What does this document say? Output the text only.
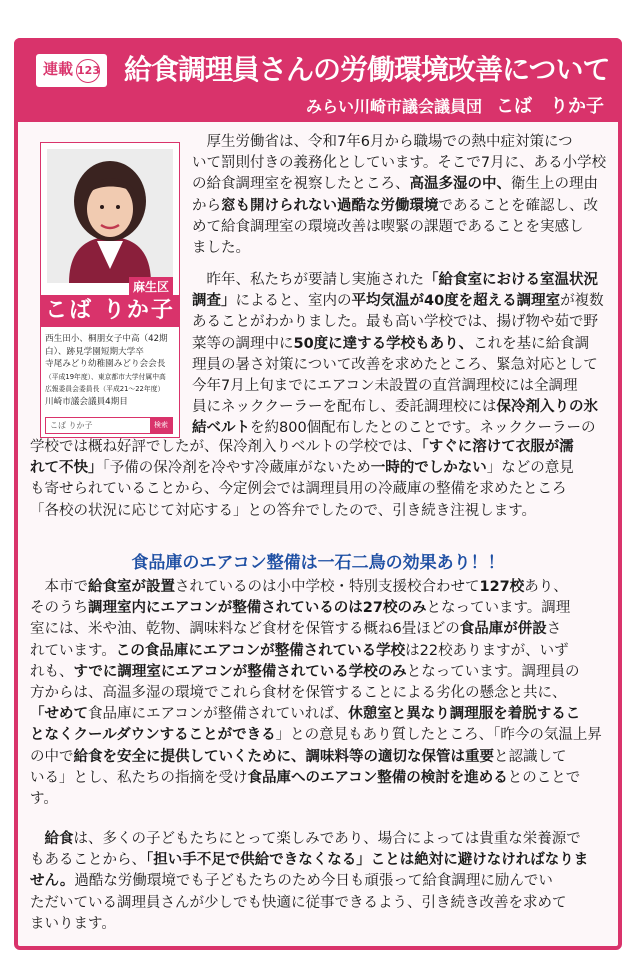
連載 123 給食調理員さんの労働環境改善について
みらい川崎市議会議員団 こば　りか子
麻生区
こば りか子
西生田小、桐朋女子中高（42期
白）、跡見学園短期大学卒
寺尾みどり幼稚園みどり会会長
（平成19年度）、東京都市大学付属中高
広報委員会委員長（平成21〜22年度）
川崎市議会議員4期目
こば りか子	検索
　厚生労働省は、令和7年6月から職場での熱中症対策につ
いて罰則付きの義務化としています。そこで7月に、ある小学校
の給食調理室を視察したところ、高温多湿の中、衛生上の理由
から窓も開けられない過酷な労働環境であることを確認し、改
めて給食調理室の環境改善は喫緊の課題であることを実感し
ました。
　昨年、私たちが要請し実施された「給食室における室温状況
調査」によると、室内の平均気温が40度を超える調理室が複数
あることがわかりました。最も高い学校では、揚げ物や茹で野
菜等の調理中に50度に達する学校もあり、これを基に給食調
理員の暑さ対策について改善を求めたところ、緊急対応として
今年7月上旬までにエアコン未設置の直営調理校には全調理
員にネッククーラーを配布し、委託調理校には保冷剤入りの氷
結ベルトを約800個配布したとのことです。ネッククーラーの
学校では概ね好評でしたが、保冷剤入りベルトの学校では、「すぐに溶けて衣服が濡
れて不快」「予備の保冷剤を冷やす冷蔵庫がないため一時的でしかない」などの意見
も寄せられていることから、今定例会では調理員用の冷蔵庫の整備を求めたところ
「各校の状況に応じて対応する」との答弁でしたので、引き続き注視します。
食品庫のエアコン整備は一石二鳥の効果あり！！
　本市で給食室が設置されているのは小中学校・特別支援校合わせて127校あり、
そのうち調理室内にエアコンが整備されているのは27校のみとなっています。調理
室には、米や油、乾物、調味料など食材を保管する概ね6畳ほどの食品庫が併設さ
れています。この食品庫にエアコンが整備されている学校は22校ありますが、いず
れも、すでに調理室にエアコンが整備されている学校のみとなっています。調理員の
方からは、高温多湿の環境でこれら食材を保管することによる劣化の懸念と共に、
「せめて食品庫にエアコンが整備されていれば、休憩室と異なり調理服を着脱するこ
となくクールダウンすることができる」との意見もあり質したところ、「昨今の気温上昇
の中で給食を安全に提供していくために、調味料等の適切な保管は重要と認識して
いる」とし、私たちの指摘を受け食品庫へのエアコン整備の検討を進めるとのことで
す。
　給食は、多くの子どもたちにとって楽しみであり、場合によっては貴重な栄養源で
もあることから、「担い手不足で供給できなくなる」ことは絶対に避けなければなりま
せん。過酷な労働環境でも子どもたちのため今日も頑張って給食調理に励んでい
ただいている調理員さんが少しでも快適に従事できるよう、引き続き改善を求めて
まいります。
